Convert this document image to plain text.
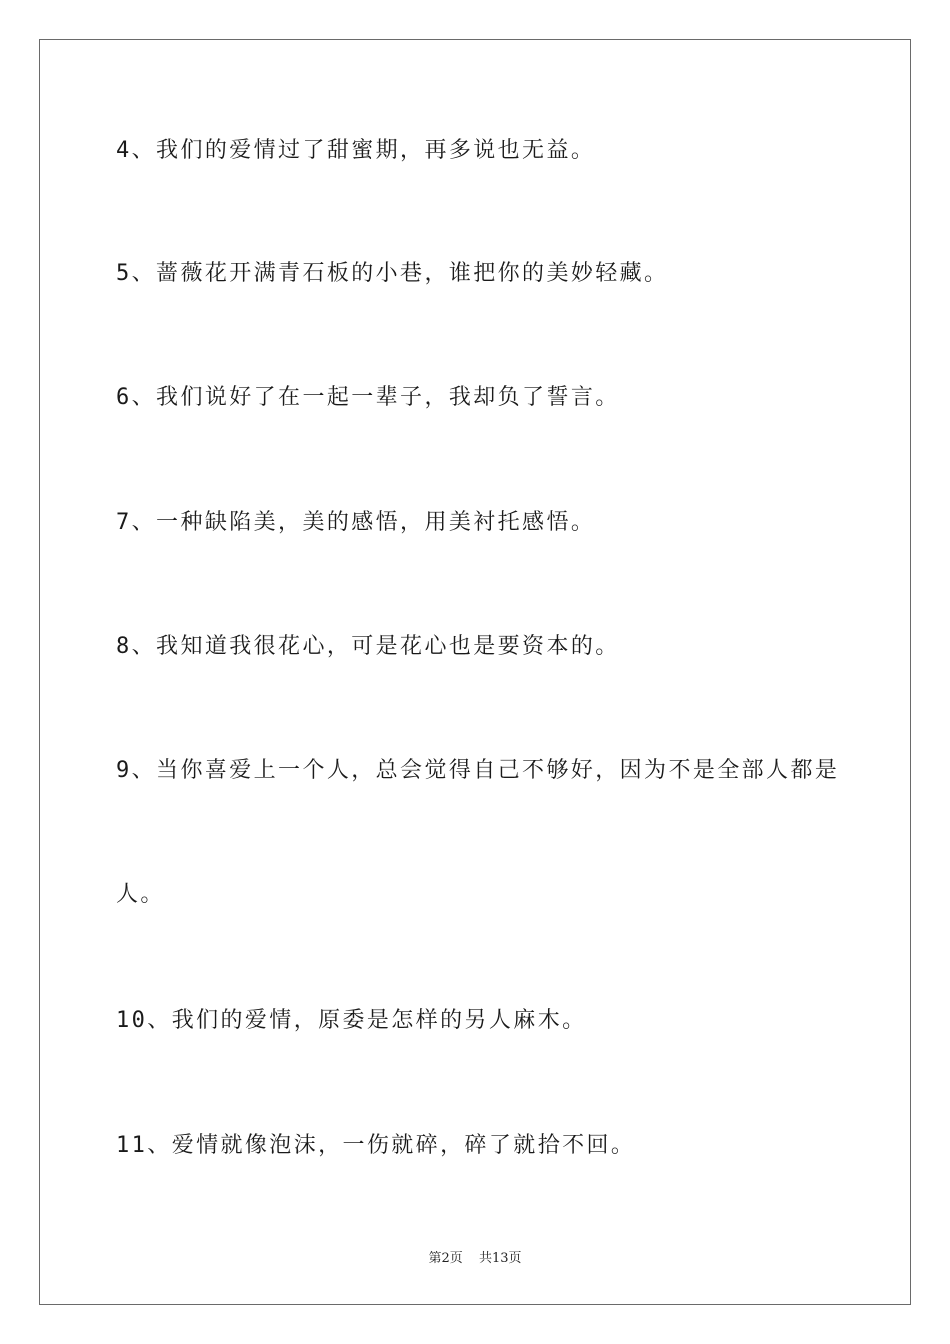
4、我们的爱情过了甜蜜期，再多说也无益。
5、蔷薇花开满青石板的小巷，谁把你的美妙轻藏。
6、我们说好了在一起一辈子，我却负了誓言。
7、一种缺陷美，美的感悟，用美衬托感悟。
8、我知道我很花心，可是花心也是要资本的。
9、当你喜爱上一个人，总会觉得自己不够好，因为不是全部人都是
人。
10、我们的爱情，原委是怎样的另人麻木。
11、爱情就像泡沫，一伤就碎，碎了就拾不回。
第2页 共13页
